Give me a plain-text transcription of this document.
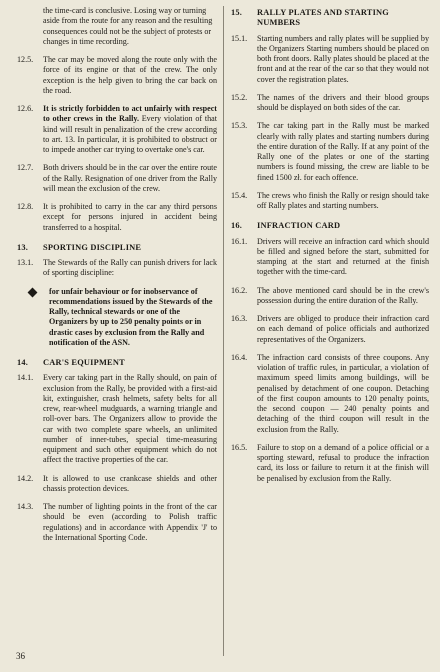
the time-card is conclusive. Losing way or turning aside from the route for any reason and the resulting consequences could not be the subject of protests or changes in time recording.

12.5.	The car may be moved along the route only with the force of its engine or that of the crew. The only exception is the help given to bring the car back on the road.
12.6.	It is strictly forbidden to act unfairly with respect to other crews in the Rally. Every violation of that kind will result in penalization of the crew according to art. 13. In particular, it is prohibited to obstruct or to impede another car trying to overtake one's car.
12.7.	Both drivers should be in the car over the entire route of the Rally. Resignation of one driver from the Rally will mean the exclusion of the crew.
12.8.	It is prohibited to carry in the car any third persons except for persons injured in accident being transferred to a hospital.
13.	SPORTING DISCIPLINE
13.1.	The Stewards of the Rally can punish drivers for lack of sporting discipline:
for unfair behaviour or for inobservance of recommendations issued by the Stewards of the Rally, technical stewards or one of the Organizers by up to 250 penalty points or in drastic cases by exclusion from the Rally and notification of the ASN.
14.	CAR'S EQUIPMENT
14.1.	Every car taking part in the Rally should, on pain of exclusion from the Rally, be provided with a first-aid kit, extinguisher, crash helmets, safety belts for all crew, rear-wheel mudguards, a warning triangle and roll-over bars. The Organizers allow to provide the car with two complete spare wheels, an unlimited number of inner-tubes, special time-measuring equipment and such other equipment which do not affect the tractive properties of the car.
14.2.	It is allowed to use crankcase shields and other chassis protection devices.
14.3.	The number of lighting points in the front of the car should be even (according to Polish traffic regulations) and in accordance with Appendix 'J' to the International Sporting Code.
15.	RALLY PLATES AND STARTING NUMBERS
15.1.	Starting numbers and rally plates will be supplied by the Organizers Starting numbers should be placed on both front doors. Rally plates should be placed at the front and at the rear of the car so that they would not cover the registration plates.
15.2.	The names of the drivers and their blood groups should be displayed on both sides of the car.
15.3.	The car taking part in the Rally must be marked clearly with rally plates and starting numbers during the entire duration of the Rally. If at any point of the Rally one of the plates or one of the starting numbers is found missing, the crew are liable to be fined 1500 zł. for each offence.
15.4.	The crews who finish the Rally or resign should take off Rally plates and starting numbers.
16.	INFRACTION CARD
16.1.	Drivers will receive an infraction card which should be filled and signed before the start, submitted for stamping at the start and returned at the finish together with the time-card.
16.2.	The above mentioned card should be in the crew's possession during the entire duration of the Rally.
16.3.	Drivers are obliged to produce their infraction card on each demand of police officials and authorized representatives of the Organizers.
16.4.	The infraction card consists of three coupons. Any violation of traffic rules, in particular, a violation of maximum speed limits among buildings, will be penalised by detachment of one coupon. Detaching of the first coupon amounts to 120 penalty points, the second coupon — 240 penalty points and detaching of the third coupon will result in the exclusion from the Rally.
16.5.	Failure to stop on a demand of a police official or a sporting steward, refusal to produce the infraction card, its loss or failure to return it at the finish will be penalised by exclusion from the Rally.
36
